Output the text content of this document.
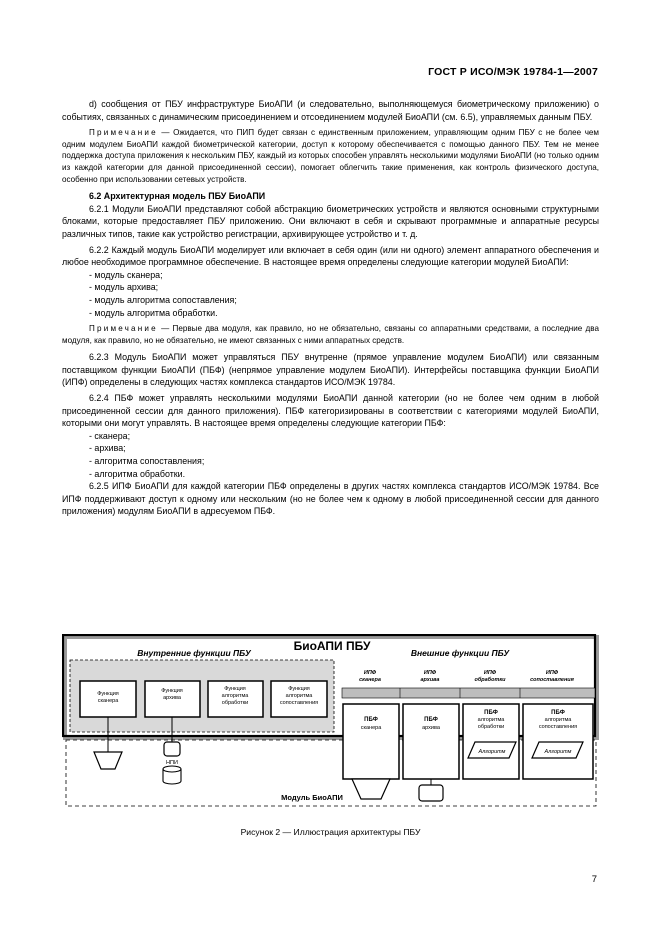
ГОСТ Р ИСО/МЭК 19784-1—2007

d) сообщения от ПБУ инфраструктуре БиоАПИ (и следовательно, выполняющемуся биометрическому приложению) о событиях, связанных с динамическим присоединением и отсоединением модулей БиоАПИ (см. 6.5), управляемых данным ПБУ.

Примечание — Ожидается, что ПИП будет связан с единственным приложением, управляющим одним ПБУ с не более чем одним модулем БиоАПИ каждой биометрической категории, доступ к которому обеспечивается с помощью данного ПБУ. Тем не менее поддержка доступа приложения к нескольким ПБУ, каждый из которых способен управлять несколькими модулями БиоАПИ (но только одним из каждой категории для данной присоединенной сессии), помогает облегчить такие применения, как контроль физического доступа, особенно при использовании сетевых устройств.

6.2 Архитектурная модель ПБУ БиоАПИ

6.2.1 Модули БиоАПИ представляют собой абстракцию биометрических устройств и являются основными структурными блоками, которые предоставляет ПБУ приложению. Они включают в себя и скрывают программные и аппаратные ресурсы различных типов, такие как устройство регистрации, архивирующее устройство и т. д.

6.2.2 Каждый модуль БиоАПИ моделирует или включает в себя один (или ни одного) элемент аппаратного обеспечения и любое необходимое программное обеспечение. В настоящее время определены следующие категории модулей БиоАПИ:

- модуль сканера;

- модуль архива;

- модуль алгоритма сопоставления;

- модуль алгоритма обработки.

Примечание — Первые два модуля, как правило, но не обязательно, связаны со аппаратными средствами, а последние два модуля, как правило, но не обязательно, не имеют связанных с ними аппаратных средств.

6.2.3 Модуль БиоАПИ может управляться ПБУ внутренне (прямое управление модулем БиоАПИ) или связанным поставщиком функции БиоАПИ (ПБФ) (непрямое управление модулем БиоАПИ). Интерфейсы поставщика функции БиоАПИ (ИПФ) определены в следующих частях комплекса стандартов ИСО/МЭК 19784.

6.2.4 ПБФ может управлять несколькими модулями БиоАПИ данной категории (но не более чем одним в любой присоединенной сессии для данного приложения). ПБФ категоризированы в соответствии с категориями модулей БиоАПИ, которыми они могут управлять. В настоящее время определены следующие категории ПБФ:

- сканера;

- архива;

- алгоритма сопоставления;

- алгоритма обработки.

6.2.5 ИПФ БиоАПИ для каждой категории ПБФ определены в других частях комплекса стандартов ИСО/МЭК 19784. Все ИПФ поддерживают доступ к одному или нескольким (но не более чем к одному в любой присоединенной сессии для данного приложения) модулям БиоАПИ в адресуемом ПБФ.

БиоАПИ ПБУ
Внутренние функции ПБУ	Внешние функции ПБУ
Функция
сканера
Функция
архива
Функция
алгоритма
обработки
Функция
алгоритма
сопоставления
ИПФ
сканера
ИПФ
архива
ИПФ
обработки
ИПФ
сопоставления
Модуль БиоАПИ
ПБФ
сканера
ПБФ
архива
ПБФ
алгоритма
обработки
Алгоритм
ПБФ
алгоритма
сопоставления
Алгоритм
НПИ
Рисунок 2 — Иллюстрация архитектуры ПБУ
7
